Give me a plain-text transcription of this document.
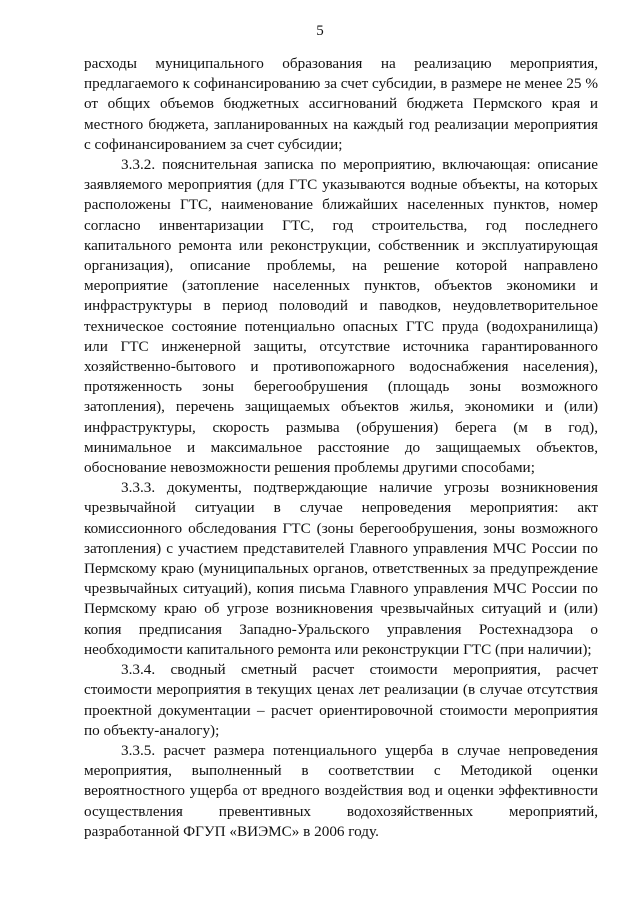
5

расходы муниципального образования на реализацию мероприятия, предлагаемого к софинансированию за счет субсидии, в размере не менее 25 % от общих объемов бюджетных ассигнований бюджета Пермского края и местного бюджета, запланированных на каждый год реализации мероприятия с софинансированием за счет субсидии;

3.3.2. пояснительная записка по мероприятию, включающая: описание заявляемого мероприятия (для ГТС указываются водные объекты, на которых расположены ГТС, наименование ближайших населенных пунктов, номер согласно инвентаризации ГТС, год строительства, год последнего капитального ремонта или реконструкции, собственник и эксплуатирующая организация), описание проблемы, на решение которой направлено мероприятие (затопление населенных пунктов, объектов экономики и инфраструктуры в период половодий и паводков, неудовлетворительное техническое состояние потенциально опасных ГТС пруда (водохранилища) или ГТС инженерной защиты, отсутствие источника гарантированного хозяйственно-бытового и противопожарного водоснабжения населения), протяженность зоны берегообрушения (площадь зоны возможного затопления), перечень защищаемых объектов жилья, экономики и (или) инфраструктуры, скорость размыва (обрушения) берега (м в год), минимальное и максимальное расстояние до защищаемых объектов, обоснование невозможности решения проблемы другими способами;

3.3.3. документы, подтверждающие наличие угрозы возникновения чрезвычайной ситуации в случае непроведения мероприятия: акт комиссионного обследования ГТС (зоны берегообрушения, зоны возможного затопления) с участием представителей Главного управления МЧС России по Пермскому краю (муниципальных органов, ответственных за предупреждение чрезвычайных ситуаций), копия письма Главного управления МЧС России по Пермскому краю об угрозе возникновения чрезвычайных ситуаций и (или) копия предписания Западно-Уральского управления Ростехнадзора о необходимости капитального ремонта или реконструкции ГТС (при наличии);

3.3.4. сводный сметный расчет стоимости мероприятия, расчет стоимости мероприятия в текущих ценах лет реализации (в случае отсутствия проектной документации – расчет ориентировочной стоимости мероприятия по объекту-аналогу);

3.3.5. расчет размера потенциального ущерба в случае непроведения мероприятия, выполненный в соответствии с Методикой оценки вероятностного ущерба от вредного воздействия вод и оценки эффективности осуществления превентивных водохозяйственных мероприятий, разработанной ФГУП «ВИЭМС» в 2006 году.
